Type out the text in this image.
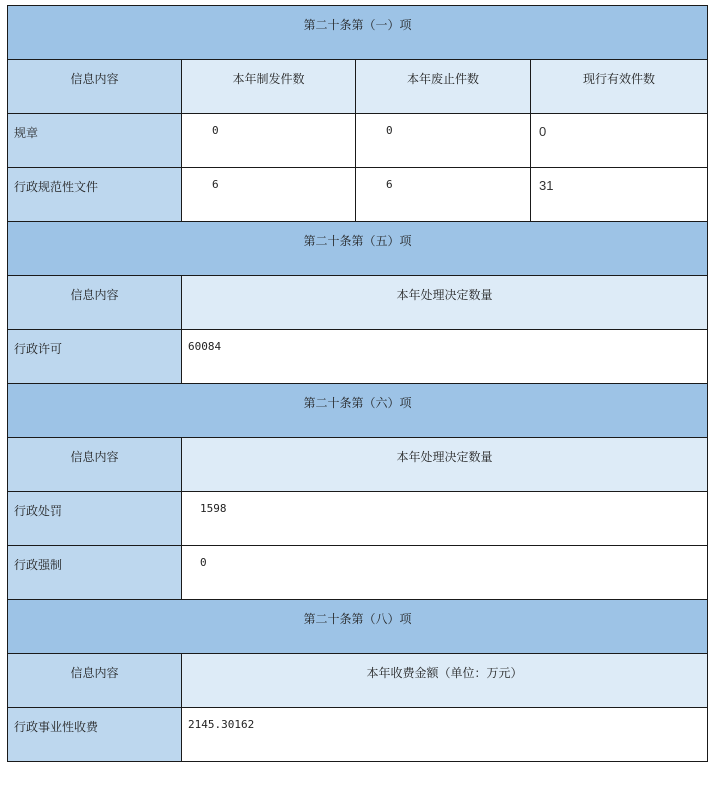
第二十条第（一）项			
信息内容	本年制发件数	本年废止件数	现行有效件数
规章	0	0	0
行政规范性文件	6	6	31
第二十条第（五）项			
信息内容	本年处理决定数量		
行政许可	60084		
第二十条第（六）项			
信息内容	本年处理决定数量		
行政处罚	1598		
行政强制	0		
第二十条第（八）项			
信息内容	本年收费金额（单位：万元）		
行政事业性收费	2145.30162		
